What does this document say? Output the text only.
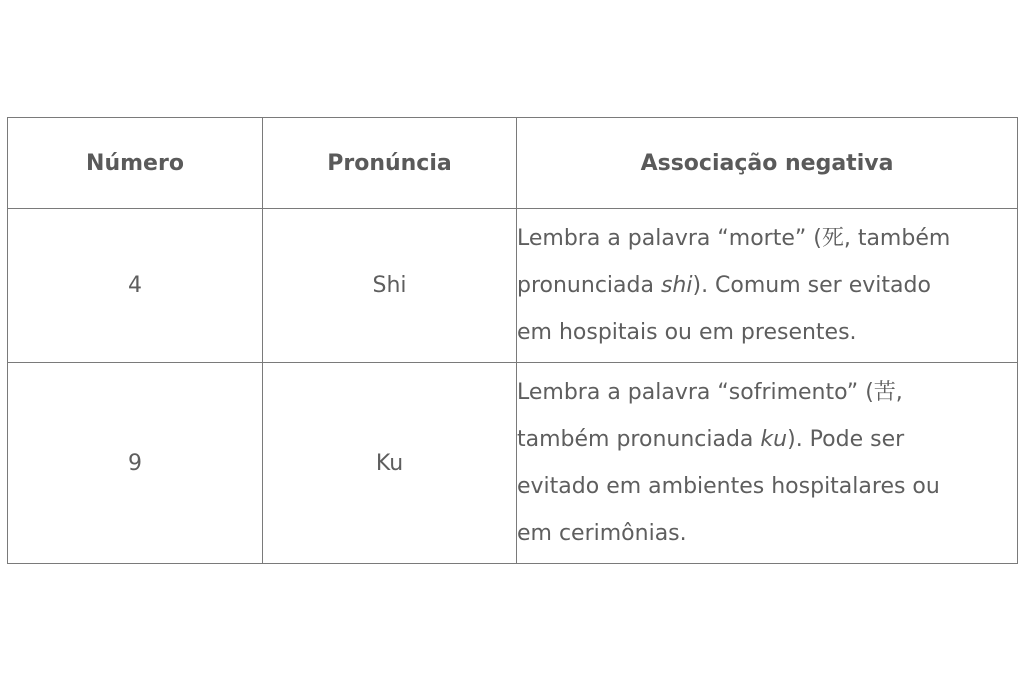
Número	Pronúncia	Associação negativa
4	Shi	Lembra a palavra “morte” (死, também
pronunciada shi). Comum ser evitado
em hospitais ou em presentes.

9	Ku	Lembra a palavra “sofrimento” (苦,
também pronunciada ku). Pode ser
evitado em ambientes hospitalares ou
em cerimônias.
